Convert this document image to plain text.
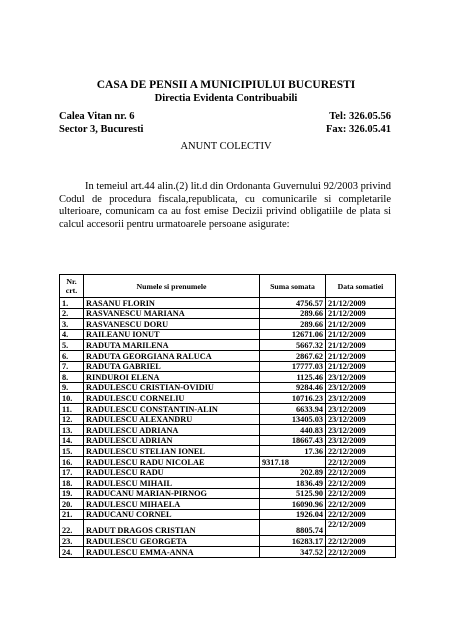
CASA DE PENSII A MUNICIPIULUI BUCURESTI
Directia Evidenta Contribuabili
Calea Vitan nr. 6
Sector 3, Bucuresti
Tel: 326.05.56
Fax: 326.05.41
ANUNT COLECTIV
In temeiul art.44 alin.(2) lit.d din Ordonanta Guvernului 92/2003 privind Codul de procedura fiscala,republicata, cu comunicarile si completarile ulterioare, comunicam ca au fost emise Decizii privind obligatiile de plata si calcul accesorii pentru urmatoarele persoane asigurate:
Nr. crt.	Numele si prenumele	Suma somata	Data somatiei
1.	RASANU FLORIN	4756.57	21/12/2009
2.	RASVANESCU MARIANA	289.66	21/12/2009
3.	RASVANESCU DORU	289.66	21/12/2009
4.	RAILEANU IONUT	12671.06	21/12/2009
5.	RADUTA MARILENA	5667.32	21/12/2009
6.	RADUTA GEORGIANA RALUCA	2867.62	21/12/2009
7.	RADUTA GABRIEL	17777.03	21/12/2009
8.	RINDUROI ELENA	1125.46	23/12/2009
9.	RADULESCU CRISTIAN-OVIDIU	9284.46	23/12/2009
10.	RADULESCU CORNELIU	10716.23	23/12/2009
11.	RADULESCU CONSTANTIN-ALIN	6633.94	23/12/2009
12.	RADULESCU ALEXANDRU	13405.03	23/12/2009
13.	RADULESCU ADRIANA	440.83	23/12/2009
14.	RADULESCU ADRIAN	18667.43	23/12/2009
15.	RADULESCU STELIAN IONEL	17.36	22/12/2009
16.	RADULESCU RADU NICOLAE	9317.18	22/12/2009
17.	RADULESCU RADU	202.89	22/12/2009
18.	RADULESCU MIHAIL	1836.49	22/12/2009
19.	RADUCANU MARIAN-PIRNOG	5125.90	22/12/2009
20.	RADULESCU MIHAELA	16090.96	22/12/2009
21.	RADUCANU CORNEL	1926.04	22/12/2009
22.	RADUT DRAGOS CRISTIAN	8805.74	22/12/2009
23.	RADULESCU GEORGETA	16283.17	22/12/2009
24.	RADULESCU EMMA-ANNA	347.52	22/12/2009
